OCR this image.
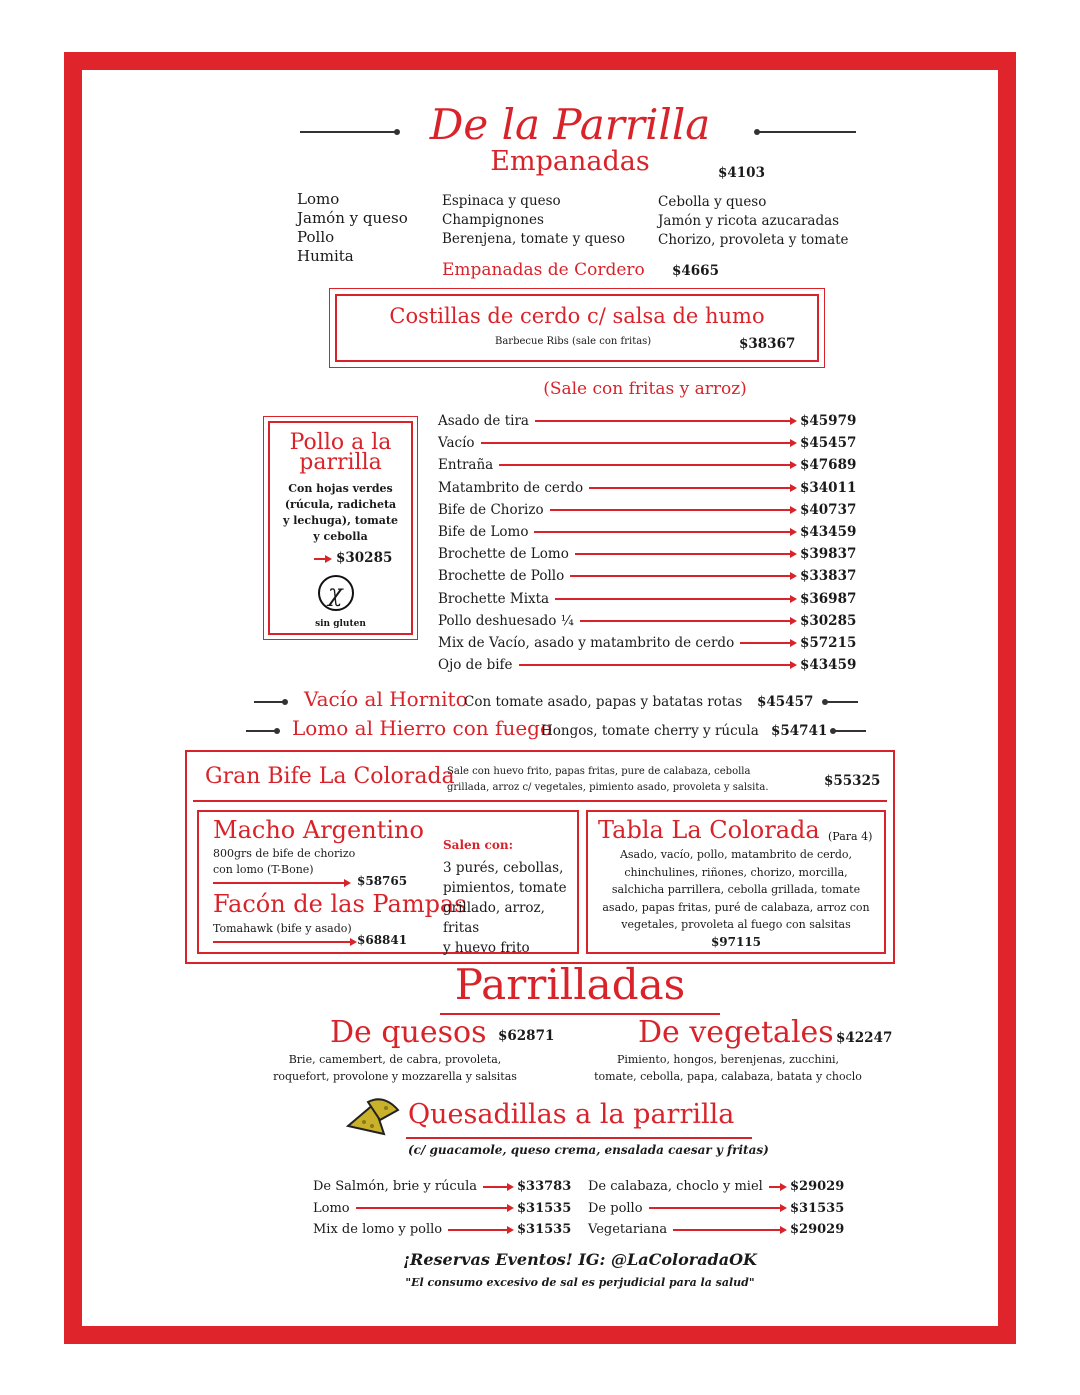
De la Parrilla
Empanadas	$4103
Lomo
Jamón y queso
Pollo
Humita
Espinaca y queso
Champignones
Berenjena, tomate y queso
Cebolla y queso
Jamón y ricota azucaradas
Chorizo, provoleta y tomate
Empanadas de Cordero $4665
Costillas de cerdo c/ salsa de humo
Barbecue Ribs (sale con fritas)	$38367
(Sale con fritas y arroz)
Pollo a la
parrilla
Con hojas verdes
(rúcula, radicheta
y lechuga), tomate
y cebolla
$30285
χ
sin gluten
Asado de tira	$45979
Vacío	$45457
Entraña	$47689
Matambrito de cerdo	$34011
Bife de Chorizo	$40737
Bife de Lomo	$43459
Brochette de Lomo	$39837
Brochette de Pollo	$33837
Brochette Mixta	$36987
Pollo deshuesado ¼	$30285
Mix de Vacío, asado y matambrito de cerdo	$57215
Ojo de bife	$43459
Vacío al Hornito
Con tomate asado, papas y batatas rotas $45457
Lomo al Hierro con fuego
Hongos, tomate cherry y rúcula $54741
Gran Bife La Colorada
Sale con huevo frito, papas fritas, pure de calabaza, cebolla
grillada, arroz c/ vegetales, pimiento asado, provoleta y salsita.	$55325
Macho Argentino
800grs de bife de chorizo
con lomo (T-Bone)
$58765
Facón de las Pampas
Tomahawk (bife y asado)
$68841
Salen con:
3 purés, cebollas,
pimientos, tomate
grillado, arroz, fritas
y huevo frito
Tabla La Colorada (Para 4)
Asado, vacío, pollo, matambrito de cerdo,
chinchulines, riñones, chorizo, morcilla,
salchicha parrillera, cebolla grillada, tomate
asado, papas fritas, puré de calabaza, arroz con
vegetales, provoleta al fuego con salsitas
$97115
Parrilladas
De quesos $62871
Brie, camembert, de cabra, provoleta,
roquefort, provolone y mozzarella y salsitas
De vegetales $42247
Pimiento, hongos, berenjenas, zucchini,
tomate, cebolla, papa, calabaza, batata y choclo
Quesadillas a la parrilla
(c/ guacamole, queso crema, ensalada caesar y fritas)
De Salmón, brie y rúcula	$33783
Lomo	$31535
Mix de lomo y pollo	$31535
De calabaza, choclo y miel $29029
De pollo	$31535
Vegetariana	$29029
¡Reservas Eventos! IG: @LaColoradaOK
"El consumo excesivo de sal es perjudicial para la salud"
